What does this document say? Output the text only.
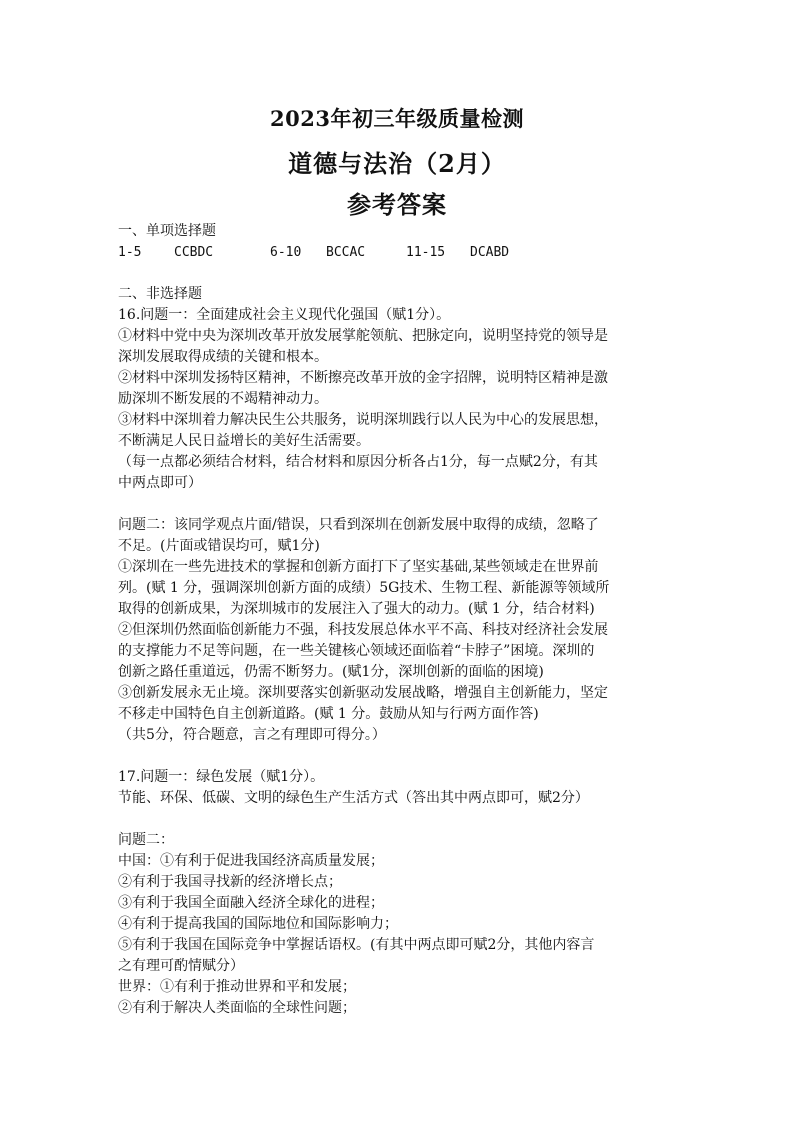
2023年初三年级质量检测
道德与法治（2月）
参考答案
一、单项选择题
1-5	CCBDC	6-10 BCCAC	11-15 DCABD
二、非选择题
16.问题一：全面建成社会主义现代化强国（赋1分）。
①材料中党中央为深圳改革开放发展掌舵领航、把脉定向，说明坚持党的领导是
深圳发展取得成绩的关键和根本。
②材料中深圳发扬特区精神，不断擦亮改革开放的金字招牌，说明特区精神是激
励深圳不断发展的不竭精神动力。
③材料中深圳着力解决民生公共服务，说明深圳践行以人民为中心的发展思想，
不断满足人民日益增长的美好生活需要。
（每一点都必须结合材料，结合材料和原因分析各占1分，每一点赋2分，有其
中两点即可）
问题二：该同学观点片面/错误，只看到深圳在创新发展中取得的成绩，忽略了
不足。(片面或错误均可，赋1分)
①深圳在一些先进技术的掌握和创新方面打下了坚实基础,某些领域走在世界前
列。(赋 1 分，强调深圳创新方面的成绩）5G技术、生物工程、新能源等领域所
取得的创新成果，为深圳城市的发展注入了强大的动力。(赋 1 分，结合材料)
②但深圳仍然面临创新能力不强，科技发展总体水平不高、科技对经济社会发展
的支撑能力不足等问题，在一些关键核心领域还面临着“卡脖子”困境。深圳的
创新之路任重道远，仍需不断努力。(赋1分，深圳创新的面临的困境)
③创新发展永无止境。深圳要落实创新驱动发展战略，增强自主创新能力，坚定
不移走中国特色自主创新道路。(赋 1 分。鼓励从知与行两方面作答)
（共5分，符合题意，言之有理即可得分。）
17.问题一：绿色发展（赋1分）。
节能、环保、低碳、文明的绿色生产生活方式（答出其中两点即可，赋2分）
问题二：
中国：①有利于促进我国经济高质量发展；
②有利于我国寻找新的经济增长点；
③有利于我国全面融入经济全球化的进程；
④有利于提高我国的国际地位和国际影响力；
⑤有利于我国在国际竞争中掌握话语权。(有其中两点即可赋2分，其他内容言
之有理可酌情赋分）
世界：①有利于推动世界和平和发展；
②有利于解决人类面临的全球性问题；
